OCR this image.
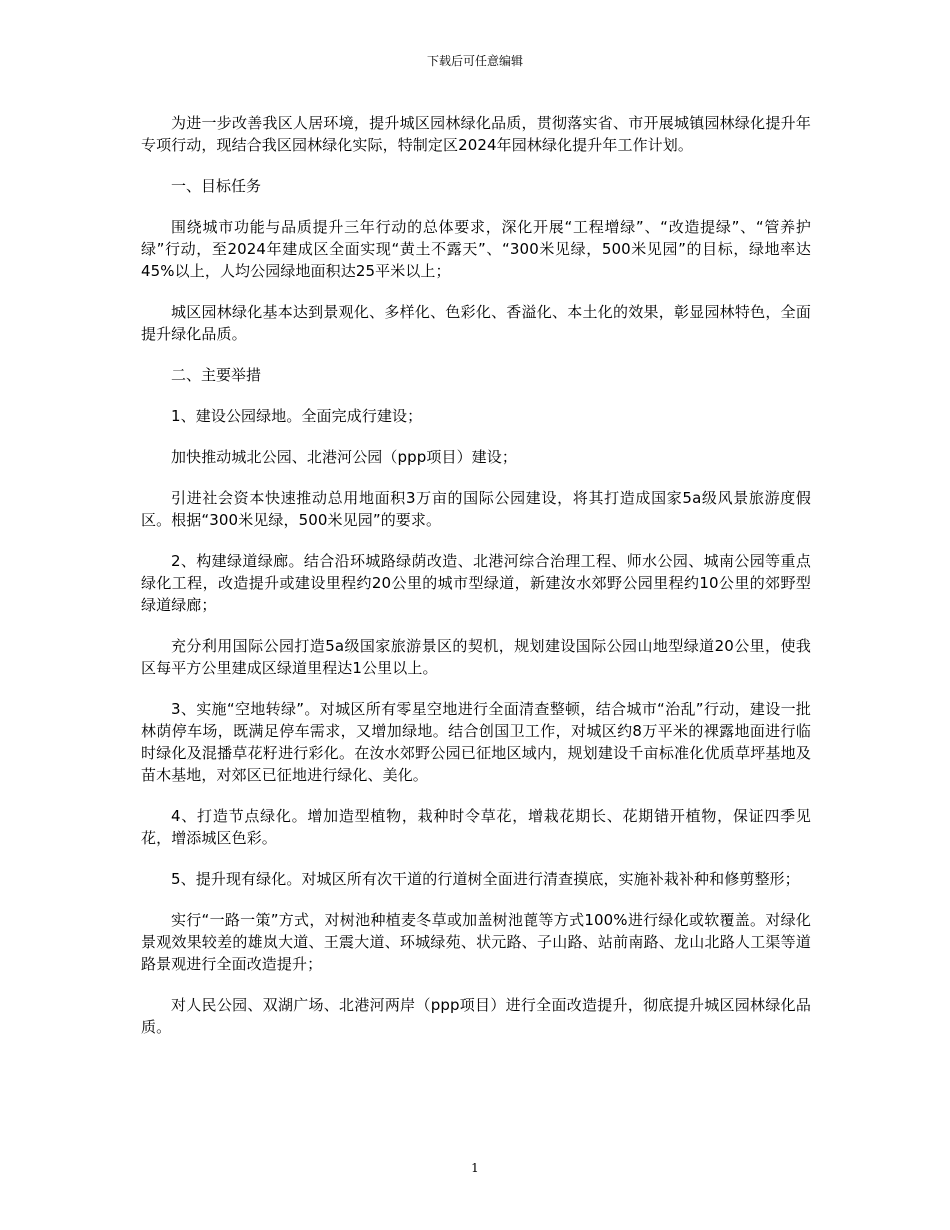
下载后可任意编辑

为进一步改善我区人居环境，提升城区园林绿化品质，贯彻落实省、市开展城镇园林绿化提升年专项行动，现结合我区园林绿化实际，特制定区2024年园林绿化提升年工作计划。

一、目标任务

围绕城市功能与品质提升三年行动的总体要求，深化开展“工程增绿”、“改造提绿”、“管养护绿”行动，至2024年建成区全面实现“黄土不露天”、“300米见绿，500米见园”的目标，绿地率达45%以上，人均公园绿地面积达25平米以上；

城区园林绿化基本达到景观化、多样化、色彩化、香溢化、本土化的效果，彰显园林特色，全面提升绿化品质。

二、主要举措

1、建设公园绿地。全面完成行建设；

加快推动城北公园、北港河公园（ppp项目）建设；

引进社会资本快速推动总用地面积3万亩的国际公园建设，将其打造成国家5a级风景旅游度假区。根据“300米见绿，500米见园”的要求。

2、构建绿道绿廊。结合沿环城路绿荫改造、北港河综合治理工程、师水公园、城南公园等重点绿化工程，改造提升或建设里程约20公里的城市型绿道，新建汝水郊野公园里程约10公里的郊野型绿道绿廊；

充分利用国际公园打造5a级国家旅游景区的契机，规划建设国际公园山地型绿道20公里，使我区每平方公里建成区绿道里程达1公里以上。

3、实施“空地转绿”。对城区所有零星空地进行全面清查整顿，结合城市“治乱”行动，建设一批林荫停车场，既满足停车需求，又增加绿地。结合创国卫工作，对城区约8万平米的裸露地面进行临时绿化及混播草花籽进行彩化。在汝水郊野公园已征地区域内，规划建设千亩标准化优质草坪基地及苗木基地，对郊区已征地进行绿化、美化。

4、打造节点绿化。增加造型植物，栽种时令草花，增栽花期长、花期错开植物，保证四季见花，增添城区色彩。

5、提升现有绿化。对城区所有次干道的行道树全面进行清查摸底，实施补栽补种和修剪整形；

实行“一路一策”方式，对树池种植麦冬草或加盖树池蓖等方式100%进行绿化或软覆盖。对绿化景观效果较差的雄岚大道、王震大道、环城绿苑、状元路、子山路、站前南路、龙山北路人工渠等道路景观进行全面改造提升；

对人民公园、双湖广场、北港河两岸（ppp项目）进行全面改造提升，彻底提升城区园林绿化品质。

1
